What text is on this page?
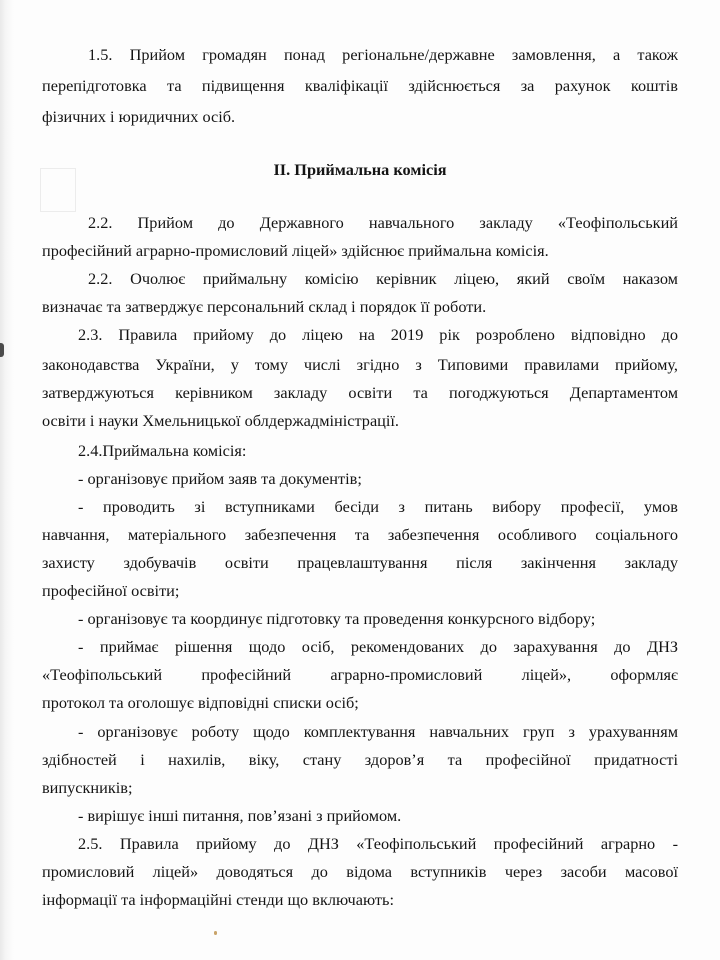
1.5. Прийом громадян понад регіональне/державне замовлення, а також
перепідготовка та підвищення кваліфікації здійснюється за рахунок коштів
фізичних і юридичних осіб.
ІІ. Приймальна комісія
2.2. Прийом до Державного навчального закладу «Теофіпольський
професійний аграрно-промисловий ліцей» здійснює приймальна комісія.
2.2. Очолює приймальну комісію керівник ліцею, який своїм наказом
визначає та затверджує персональний склад і порядок її роботи.
2.3. Правила прийому до ліцею на 2019 рік розроблено відповідно до
законодавства України, у тому числі згідно з Типовими правилами прийому,
затверджуються керівником закладу освіти та погоджуються Департаментом
освіти і науки Хмельницької облдержадміністрації.
2.4.Приймальна комісія:
- організовує прийом заяв та документів;
- проводить зі вступниками бесіди з питань вибору професії, умов
навчання, матеріального забезпечення та забезпечення особливого соціального
захисту здобувачів освіти працевлаштування після закінчення закладу
професійної освіти;
- організовує та координує підготовку та проведення конкурсного відбору;
- приймає рішення щодо осіб, рекомендованих до зарахування до ДНЗ
«Теофіпольський професійний аграрно-промисловий ліцей», оформляє
протокол та оголошує відповідні списки осіб;
- організовує роботу щодо комплектування навчальних груп з урахуванням
здібностей і нахилів, віку, стану здоров’я та професійної придатності
випускників;
- вирішує інші питання, пов’язані з прийомом.
2.5. Правила прийому до ДНЗ «Теофіпольський професійний аграрно -
промисловий ліцей» доводяться до відома вступників через засоби масової
інформації та інформаційні стенди що включають:
